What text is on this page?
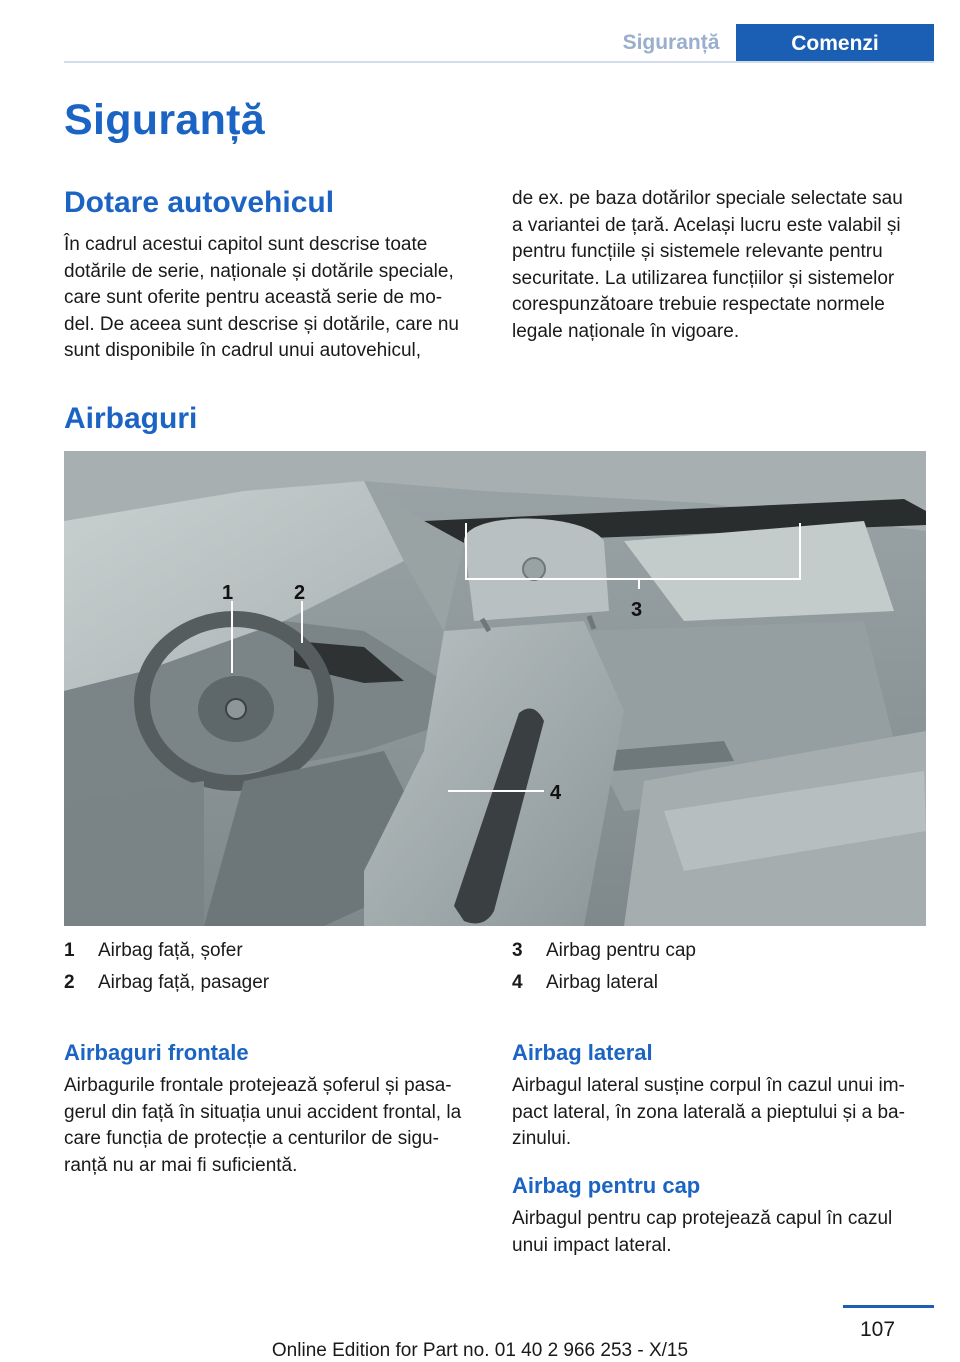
Siguranță	Comenzi
Siguranță
Dotare autovehicul
În cadrul acestui capitol sunt descrise toate
dotările de serie, naționale și dotările speciale,
care sunt oferite pentru această serie de mo‐
del. De aceea sunt descrise și dotările, care nu
sunt disponibile în cadrul unui autovehicul,
de ex. pe baza dotărilor speciale selectate sau
a variantei de țară. Același lucru este valabil și
pentru funcțiile și sistemele relevante pentru
securitate. La utilizarea funcțiilor și sistemelor
corespunzătoare trebuie respectate normele
legale naționale în vigoare.
Airbaguri
1	2
3
4
1	Airbag față, șofer
2	Airbag față, pasager
3	Airbag pentru cap
4	Airbag lateral
Airbaguri frontale
Airbagurile frontale protejează șoferul și pasa‐
gerul din față în situația unui accident frontal, la
care funcția de protecție a centurilor de sigu‐
ranță nu ar mai fi suficientă.
Airbag lateral
Airbagul lateral susține corpul în cazul unui im‐
pact lateral, în zona laterală a pieptului și a ba‐
zinului.
Airbag pentru cap
Airbagul pentru cap protejează capul în cazul
unui impact lateral.
107
Online Edition for Part no. 01 40 2 966 253 - X/15
